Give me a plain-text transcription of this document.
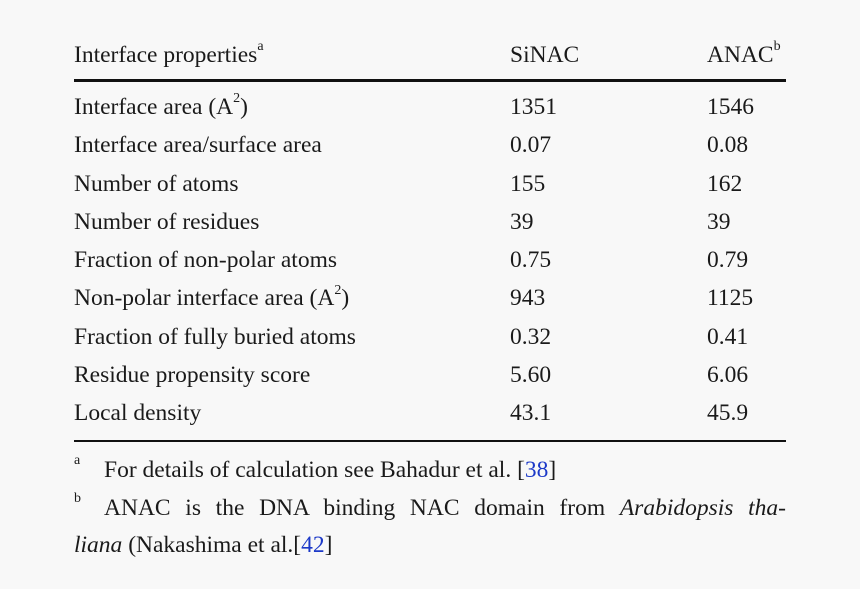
Interface properties$^a$	SiNAC	ANAC$^b$
Interface area $(A^2)$	1351	1546
Interface area/surface area	0.07	0.08
Number of atoms	155	162
Number of residues	39	39
Fraction of non-polar atoms	0.75	0.79
Non-polar interface area $(A^2)$	943	1125
Fraction of fully buried atoms	0.32	0.41
Residue propensity score	5.60	6.06
Local density	43.1	45.9
a For details of calculation see Bahadur et al. [38]
b ANAC is the DNA binding NAC domain from Arabidopsis tha-
liana (Nakashima et al.[42]
